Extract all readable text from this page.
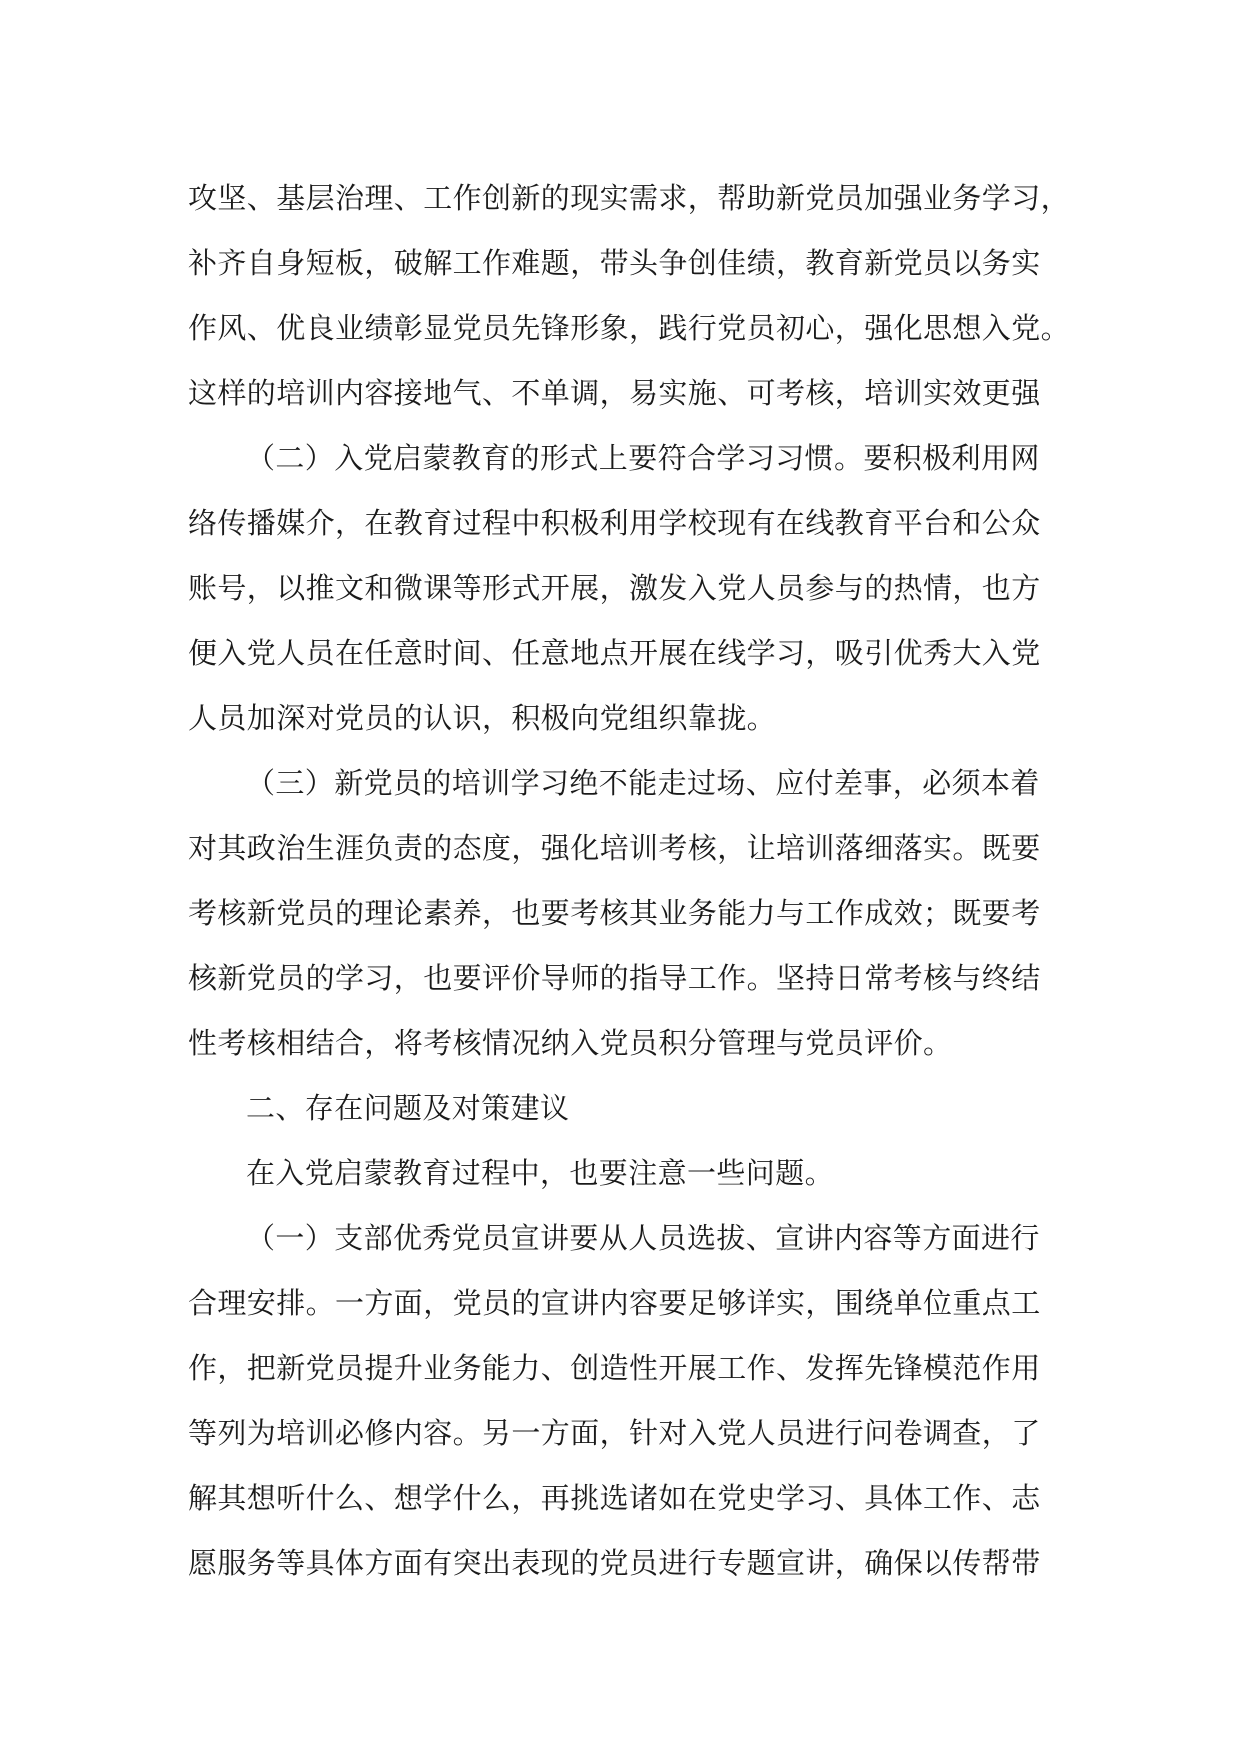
攻坚、基层治理、工作创新的现实需求，帮助新党员加强业务学习，
补齐自身短板，破解工作难题，带头争创佳绩，教育新党员以务实
作风、优良业绩彰显党员先锋形象，践行党员初心，强化思想入党。
这样的培训内容接地气、不单调，易实施、可考核，培训实效更强
（二）入党启蒙教育的形式上要符合学习习惯。要积极利用网
络传播媒介，在教育过程中积极利用学校现有在线教育平台和公众
账号，以推文和微课等形式开展，激发入党人员参与的热情，也方
便入党人员在任意时间、任意地点开展在线学习，吸引优秀大入党
人员加深对党员的认识，积极向党组织靠拢。
（三）新党员的培训学习绝不能走过场、应付差事，必须本着
对其政治生涯负责的态度，强化培训考核，让培训落细落实。既要
考核新党员的理论素养，也要考核其业务能力与工作成效；既要考
核新党员的学习，也要评价导师的指导工作。坚持日常考核与终结
性考核相结合，将考核情况纳入党员积分管理与党员评价。
二、存在问题及对策建议
在入党启蒙教育过程中，也要注意一些问题。
（一）支部优秀党员宣讲要从人员选拔、宣讲内容等方面进行
合理安排。一方面，党员的宣讲内容要足够详实，围绕单位重点工
作，把新党员提升业务能力、创造性开展工作、发挥先锋模范作用
等列为培训必修内容。另一方面，针对入党人员进行问卷调查，了
解其想听什么、想学什么，再挑选诸如在党史学习、具体工作、志
愿服务等具体方面有突出表现的党员进行专题宣讲，确保以传帮带
